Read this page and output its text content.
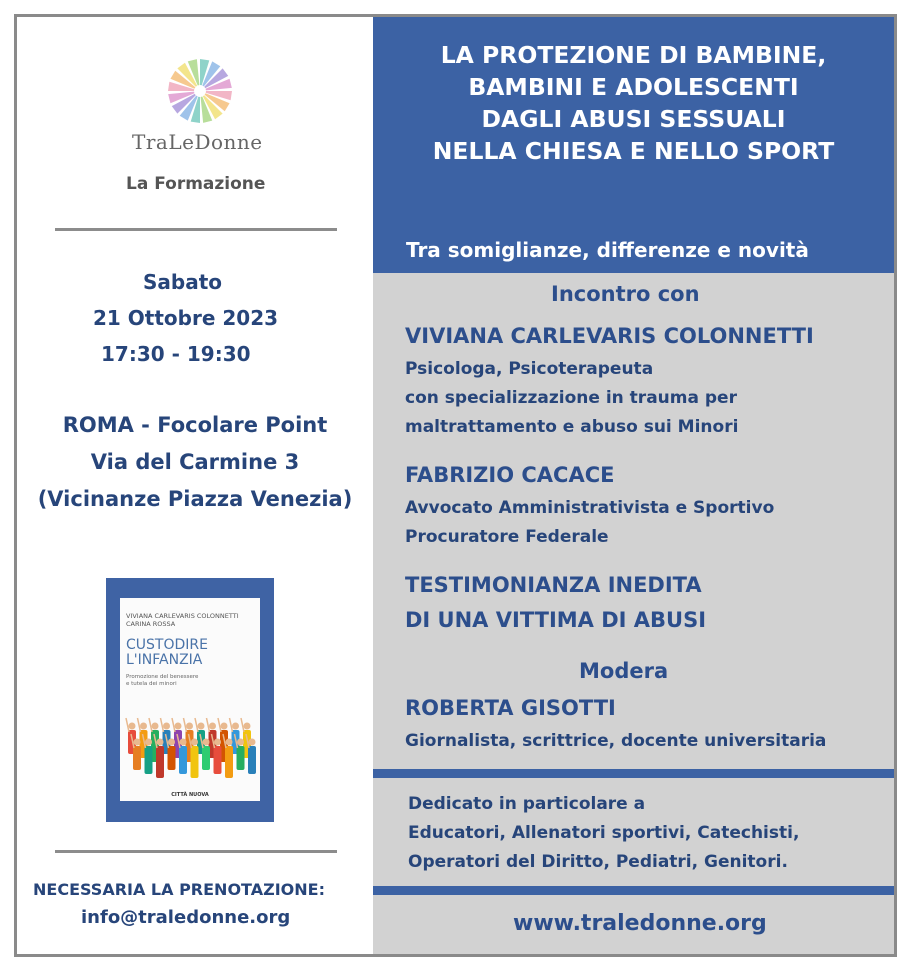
TraLeDonne
La Formazione
Sabato
21 Ottobre 2023
17:30 - 19:30
ROMA - Focolare Point
Via del Carmine 3
(Vicinanze Piazza Venezia)
VIVIANA CARLEVARIS COLONNETTI
CARINA ROSSA
CUSTODIRE
L'INFANZIA
Promozione del benessere
e tutela dei minori
CITTÀ NUOVA
NECESSARIA LA PRENOTAZIONE:
info@traledonne.org
LA PROTEZIONE DI BAMBINE,
BAMBINI E ADOLESCENTI
DAGLI ABUSI SESSUALI
NELLA CHIESA E NELLO SPORT
Tra somiglianze, differenze e novità
Incontro con
VIVIANA CARLEVARIS COLONNETTI
Psicologa, Psicoterapeuta
con specializzazione in trauma per
maltrattamento e abuso sui Minori
FABRIZIO CACACE
Avvocato Amministrativista e Sportivo
Procuratore Federale
TESTIMONIANZA INEDITA
DI UNA VITTIMA DI ABUSI
Modera
ROBERTA GISOTTI
Giornalista, scrittrice, docente universitaria
Dedicato in particolare a
Educatori, Allenatori sportivi, Catechisti,
Operatori del Diritto, Pediatri, Genitori.
www.traledonne.org
